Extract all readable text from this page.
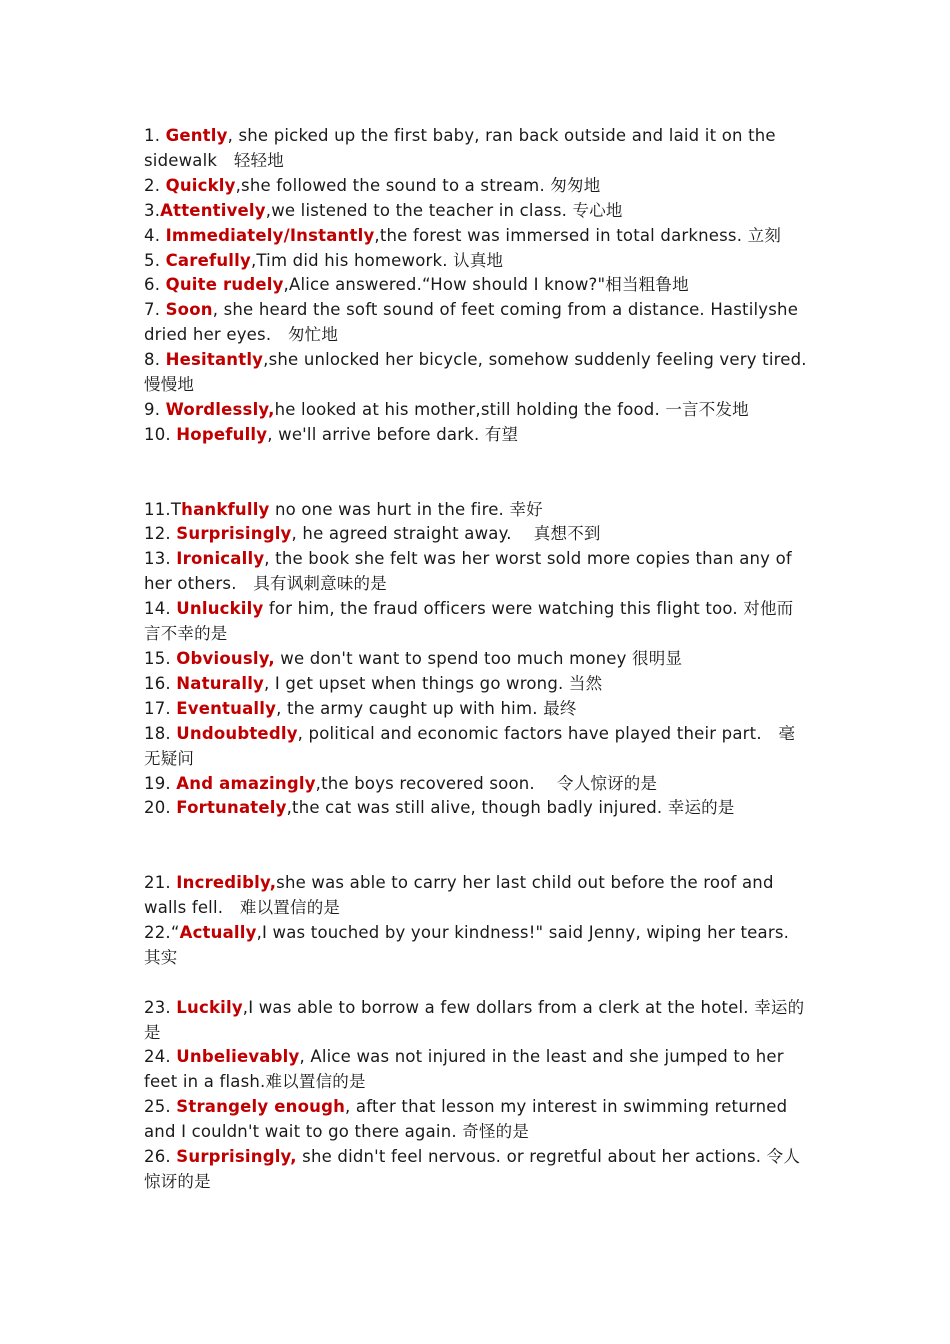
1. Gently, she picked up the first baby, ran back outside and laid it on the sidewalk　轻轻地
2. Quickly,she followed the sound to a stream. 匆匆地
3.Attentively,we listened to the teacher in class. 专心地
4. Immediately/Instantly,the forest was immersed in total darkness. 立刻
5. Carefully,Tim did his homework. 认真地
6. Quite rudely,Alice answered.“How should I know?"相当粗鲁地
7. Soon, she heard the soft sound of feet coming from a distance. Hastilyshe dried her eyes.　匆忙地
8. Hesitantly,she unlocked her bicycle, somehow suddenly feeling very tired. 慢慢地
9. Wordlessly,he looked at his mother,still holding the food. 一言不发地
10. Hopefully, we'll arrive before dark. 有望
11.Thankfully no one was hurt in the fire. 幸好
12. Surprisingly, he agreed straight away.　 真想不到
13. Ironically, the book she felt was her worst sold more copies than any of her others.　具有讽刺意味的是
14. Unluckily for him, the fraud officers were watching this flight too. 对他而言不幸的是
15. Obviously, we don't want to spend too much money 很明显
16. Naturally, I get upset when things go wrong. 当然
17. Eventually, the army caught up with him. 最终
18. Undoubtedly, political and economic factors have played their part.　毫无疑问
19. And amazingly,the boys recovered soon.　 令人惊讶的是
20. Fortunately,the cat was still alive, though badly injured. 幸运的是
21. Incredibly,she was able to carry her last child out before the roof and walls fell.　难以置信的是
22.“Actually,I was touched by your kindness!" said Jenny, wiping her tears. 其实
23. Luckily,I was able to borrow a few dollars from a clerk at the hotel. 幸运的是
24. Unbelievably, Alice was not injured in the least and she jumped to her feet in a flash.难以置信的是
25. Strangely enough, after that lesson my interest in swimming returned and I couldn't wait to go there again. 奇怪的是
26. Surprisingly, she didn't feel nervous. or regretful about her actions. 令人惊讶的是
